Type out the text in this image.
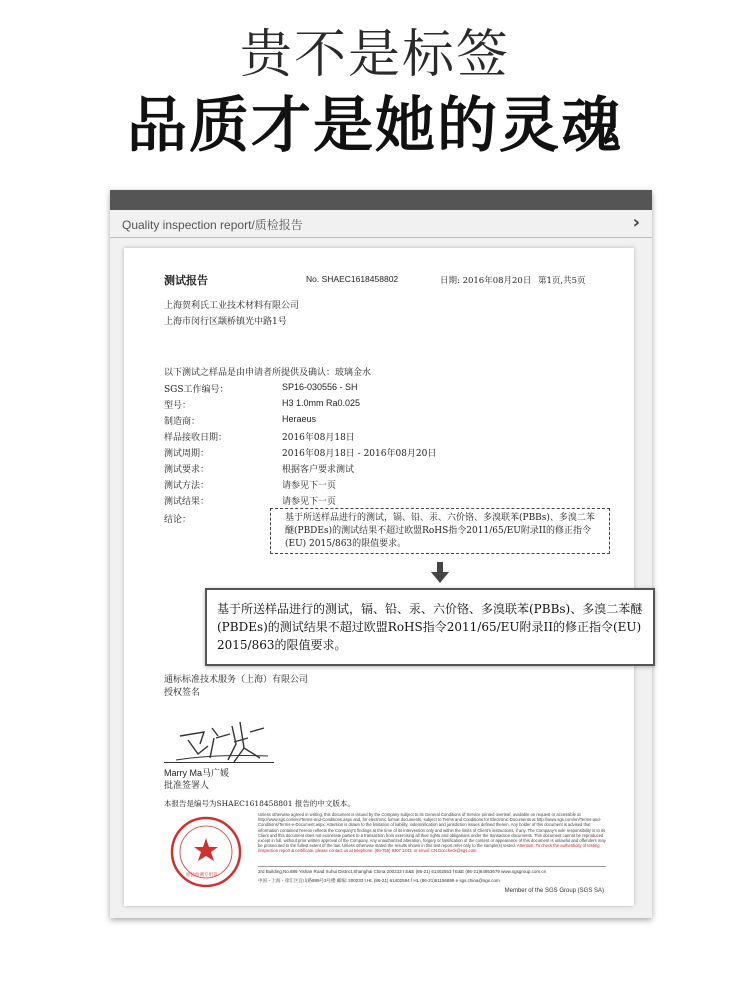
贵不是标签
品质才是她的灵魂
Quality inspection report/质检报告	›
测试报告	No. SHAEC1618458802	日期: 2016年08月20日 第1页,共5页
上海贺利氏工业技术材料有限公司
上海市闵行区颛桥镇光中路1号
以下测试之样品是由申请者所提供及确认：玻璃金水
SGS工作编号：	SP16-030556 - SH
型号：	H3 1.0mm Ra0.025
制造商：	Heraeus
样品接收日期：	2016年08月18日
测试周期：	2016年08月18日 - 2016年08月20日
测试要求：	根据客户要求测试
测试方法：	请参见下一页
测试结果：	请参见下一页
结论：	基于所送样品进行的测试，镉、铅、汞、六价铬、多溴联苯(PBBs)、多溴二苯醚(PBDEs)的测试结果不超过欧盟RoHS指令2011/65/EU附录II的修正指令(EU) 2015/863的限值要求。
通标标准技术服务（上海）有限公司
授权签名
Marry Ma马广媛
批准签署人
本报告是编号为SHAEC1618458801 报告的中文版本。
检验检测专用章
Unless otherwise agreed in writing, this document is issued by the Company subject to its General Conditions of Service printed overleaf, available on request or accessible at http://www.sgs.com/en/Terms-and-Conditions.aspx and, for electronic format documents, subject to Terms and Conditions for Electronic Documents at http://www.sgs.com/en/Terms-and-Conditions/Terms-e-Document.aspx. Attention is drawn to the limitation of liability, indemnification and jurisdiction issues defined therein. Any holder of this document is advised that information contained hereon reflects the Company's findings at the time of its intervention only and within the limits of Client's instructions, if any. The Company's sole responsibility is to its Client and this document does not exonerate parties to a transaction from exercising all their rights and obligations under the transaction documents. This document cannot be reproduced except in full, without prior written approval of the Company. Any unauthorized alteration, forgery or falsification of the content or appearance of this document is unlawful and offenders may be prosecuted to the fullest extent of the law. Unless otherwise stated the results shown in this test report refer only to the sample(s) tested. Attention: To check the authenticity of testing /inspection report & certificate, please contact us at telephone: (86-755) 8307 1443, or email: CN.Doccheck@sgs.com
3rd Building,No.889 Yishan Road Xuhui District,Shanghai China 200233 t E&E (86-21) 61402553 f E&E (86-21)64953679 www.sgsgroup.com.cn
中国・上海・徐汇区宜山路889号3号楼 邮编: 200233 t HL (86-21) 61402594 f HL (86-21)61156899 e sgs.china@sgs.com
Member of the SGS Group (SGS SA)
基于所送样品进行的测试，镉、铅、汞、六价铬、多溴联苯(PBBs)、多溴二苯醚(PBDEs)的测试结果不超过欧盟RoHS指令2011/65/EU附录II的修正指令(EU) 2015/863的限值要求。
